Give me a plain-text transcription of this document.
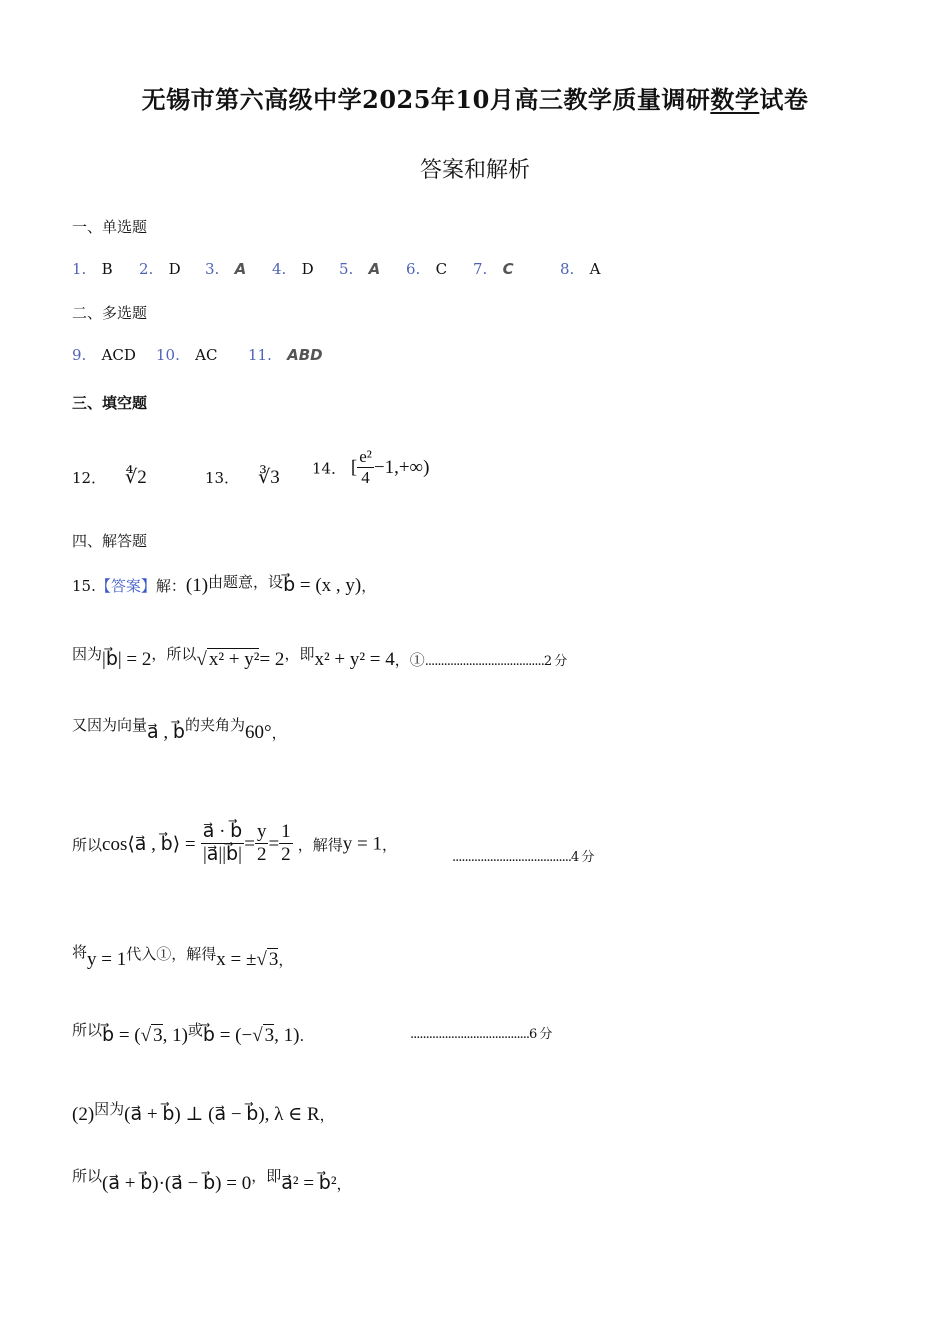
无锡市第六高级中学2025年10月高三教学质量调研数学试卷
答案和解析
一、单选题
1. B 2. D 3. A 4. D 5. A 6. C 7. C	8. A
二、多选题
9. ACD 10. AC 11. ABD
三、填空题
12． ∜2	13． ∛3 14． [ $\frac{\text{e²}}{4} -1,+\infty$)
四、解答题
15.【答案】解：(1)由题意，设b⃗ = (x , y)，
因为|b⃗| = 2，所以√ x² + y²= 2，即x² + y² = 4，①......................................2 分
又因为向量a⃗ , b⃗的夹角为60°，
所以cos⟨a⃗ , b⃗⟩ = $\frac{a⃗ \cdot b⃗}{|a⃗||b⃗|} = \frac{y}{2} = \frac{1}{2}$ ，解得y = 1，
......................................4 分
将y = 1代入①，解得x = ±√ 3，
所以b⃗ = (√ 3, 1)或b⃗ = (−√ 3, 1).	......................................6 分
(2)因为(a⃗ + b⃗) ⊥ (a⃗ − b⃗), λ ∈ R，
所以(a⃗ + b⃗)·(a⃗ − b⃗) = 0，即a⃗² = b⃗²，
